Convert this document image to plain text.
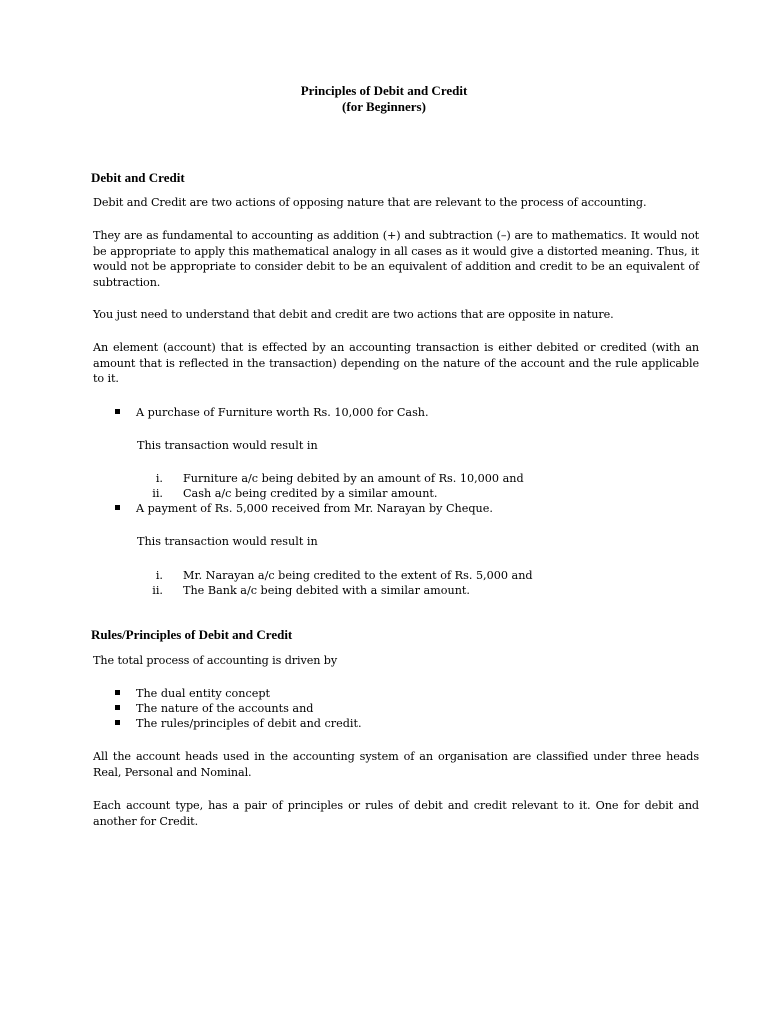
Principles of Debit and Credit
(for Beginners)
Debit and Credit
Debit and Credit are two actions of opposing nature that are relevant to the process of accounting.
They are as fundamental to accounting as addition (+) and subtraction (–) are to mathematics. It would not be appropriate to apply this mathematical analogy in all cases as it would give a distorted meaning. Thus, it would not be appropriate to consider debit to be an equivalent of addition and credit to be an equivalent of subtraction.
You just need to understand that debit and credit are two actions that are opposite in nature.
An element (account) that is effected by an accounting transaction is either debited or credited (with an amount that is reflected in the transaction) depending on the nature of the account and the rule applicable to it.
A purchase of Furniture worth Rs. 10,000 for Cash.
This transaction would result in
i. Furniture a/c being debited by an amount of Rs. 10,000 and
ii. Cash a/c being credited by a similar amount.
A payment of Rs. 5,000 received from Mr. Narayan by Cheque.
This transaction would result in
i. Mr. Narayan a/c being credited to the extent of Rs. 5,000 and
ii. The Bank a/c being debited with a similar amount.
Rules/Principles of Debit and Credit
The total process of accounting is driven by
The dual entity concept
The nature of the accounts and
The rules/principles of debit and credit.
All the account heads used in the accounting system of an organisation are classified under three heads Real, Personal and Nominal.
Each account type, has a pair of principles or rules of debit and credit relevant to it. One for debit and another for Credit.
